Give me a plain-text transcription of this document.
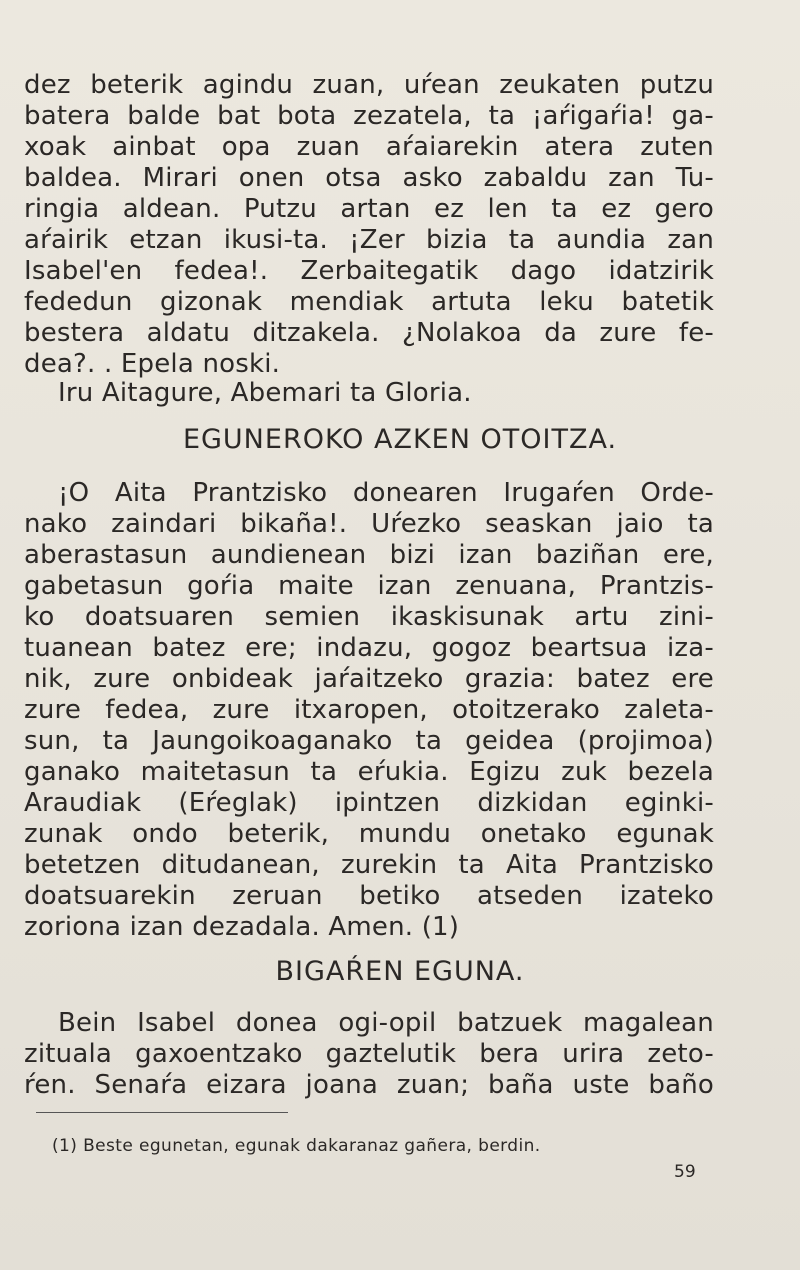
dez beterik agindu zuan, uŕean zeukaten putzu
batera balde bat bota zezatela, ta ¡aŕigaŕia! ga-
xoak ainbat opa zuan aŕaiarekin atera zuten
baldea. Mirari onen otsa asko zabaldu zan Tu-
ringia aldean. Putzu artan ez len ta ez gero
aŕairik etzan ikusi-ta. ¡Zer bizia ta aundia zan
Isabel'en fedea!. Zerbaitegatik dago idatzirik
fededun gizonak mendiak artuta leku batetik
bestera aldatu ditzakela. ¿Nolakoa da zure fe-
dea?. . Epela noski.
Iru Aitagure, Abemari ta Gloria.
EGUNEROKO AZKEN OTOITZA.
¡O Aita Prantzisko donearen Irugaŕen Orde-
nako zaindari bikaña!. Uŕezko seaskan jaio ta
aberastasun aundienean bizi izan baziñan ere,
gabetasun goŕia maite izan zenuana, Prantzis-
ko doatsuaren semien ikaskisunak artu zini-
tuanean batez ere; indazu, gogoz beartsua iza-
nik, zure onbideak jaŕaitzeko grazia: batez ere
zure fedea, zure itxaropen, otoitzerako zaleta-
sun, ta Jaungoikoaganako ta geidea (projimoa)
ganako maitetasun ta eŕukia. Egizu zuk bezela
Araudiak (Eŕeglak) ipintzen dizkidan eginki-
zunak ondo beterik, mundu onetako egunak
betetzen ditudanean, zurekin ta Aita Prantzisko
doatsuarekin zeruan betiko atseden izateko
zoriona izan dezadala. Amen. (1)
BIGAŔEN EGUNA.
Bein Isabel donea ogi-opil batzuek magalean
zituala gaxoentzako gaztelutik bera urira zeto-
ŕen. Senaŕa eizara joana zuan; baña uste baño
(1) Beste egunetan, egunak dakaranaz gañera, berdin.
59
